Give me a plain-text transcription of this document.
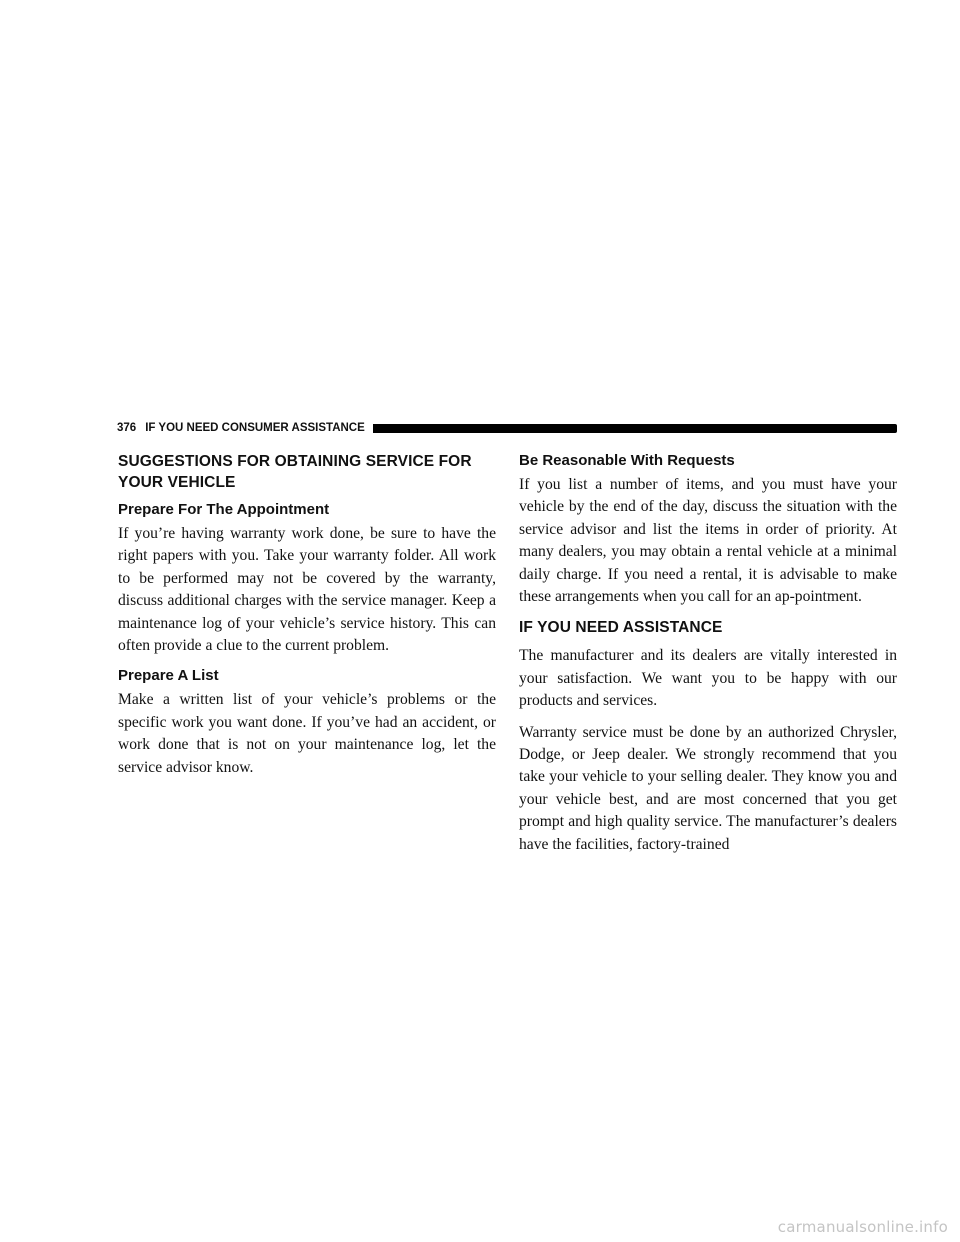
376 IF YOU NEED CONSUMER ASSISTANCE
SUGGESTIONS FOR OBTAINING SERVICE FOR YOUR VEHICLE
Prepare For The Appointment

If you’re having warranty work done, be sure to have the right papers with you. Take your warranty folder. All work to be performed may not be covered by the warranty, discuss additional charges with the service manager. Keep a maintenance log of your vehicle’s service history. This can often provide a clue to the current problem.

Prepare A List

Make a written list of your vehicle’s problems or the specific work you want done. If you’ve had an accident, or work done that is not on your maintenance log, let the service advisor know.

Be Reasonable With Requests

If you list a number of items, and you must have your vehicle by the end of the day, discuss the situation with the service advisor and list the items in order of priority. At many dealers, you may obtain a rental vehicle at a minimal daily charge. If you need a rental, it is advisable to make these arrangements when you call for an ap-pointment.

IF YOU NEED ASSISTANCE

The manufacturer and its dealers are vitally interested in your satisfaction. We want you to be happy with our products and services.

Warranty service must be done by an authorized Chrysler, Dodge, or Jeep dealer. We strongly recommend that you take your vehicle to your selling dealer. They know you and your vehicle best, and are most concerned that you get prompt and high quality service. The manufacturer’s dealers have the facilities, factory-trained

carmanualsonline.info
